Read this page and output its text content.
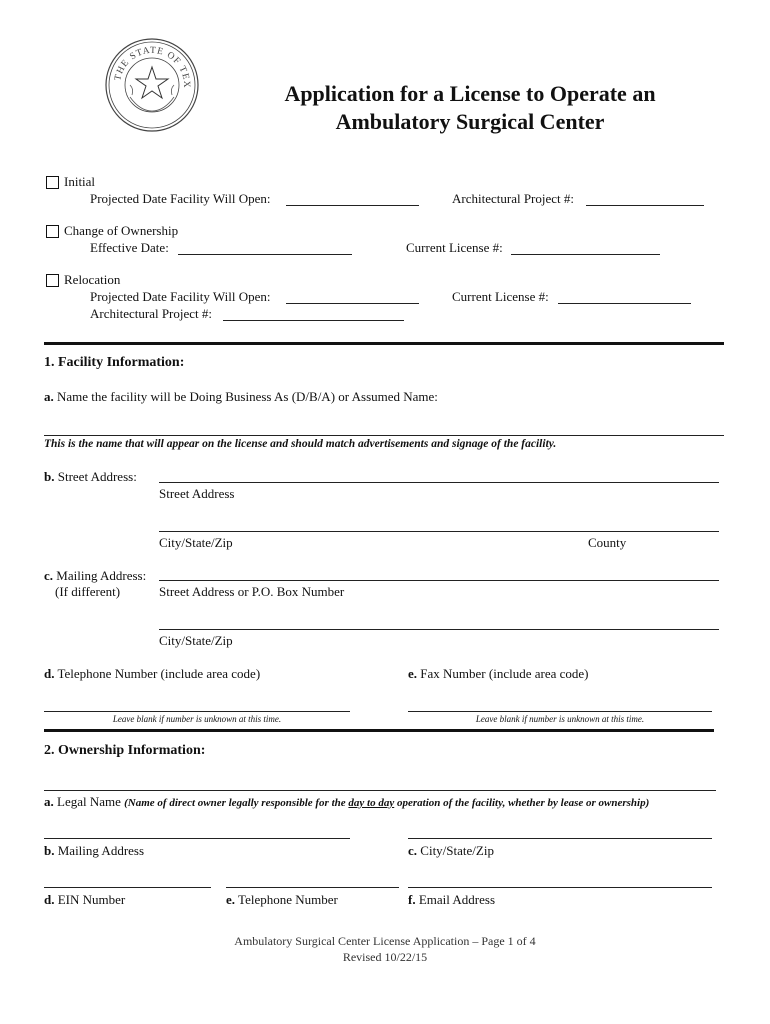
THE STATE OF TEX	Application for a License to Operate an
Ambulatory Surgical Center
Initial
Projected Date Facility Will Open:	Architectural Project #:
Change of Ownership
Effective Date:	Current License #:
Relocation
Projected Date Facility Will Open:	Current License #:
Architectural Project #:
1. Facility Information:
a. Name the facility will be Doing Business As (D/B/A) or Assumed Name:
This is the name that will appear on the license and should match advertisements and signage of the facility.
b. Street Address:
Street Address
City/State/Zip	County
c. Mailing Address:
(If different)	Street Address or P.O. Box Number
City/State/Zip
d. Telephone Number (include area code)	e. Fax Number (include area code)
Leave blank if number is unknown at this time.	Leave blank if number is unknown at this time.
2. Ownership Information:
a. Legal Name (Name of direct owner legally responsible for the day to day operation of the facility, whether by lease or ownership)
b. Mailing Address	c. City/State/Zip
d. EIN Number	e. Telephone Number	f. Email Address
Ambulatory Surgical Center License Application – Page 1 of 4
Revised 10/22/15
